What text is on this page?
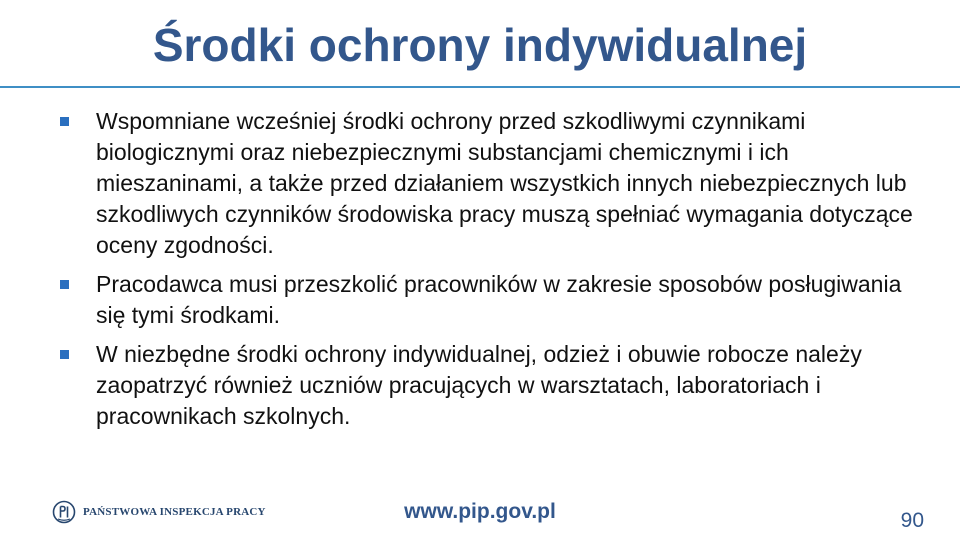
Środki ochrony indywidualnej
Wspomniane wcześniej środki ochrony przed szkodliwymi czynnikami biologicznymi oraz niebezpiecznymi substancjami chemicznymi i ich mieszaninami, a także przed działaniem wszystkich innych niebezpiecznych lub szkodliwych czynników środowiska pracy muszą spełniać wymagania dotyczące oceny zgodności.
Pracodawca musi przeszkolić pracowników w zakresie sposobów posługiwania się tymi środkami.
W niezbędne środki ochrony indywidualnej, odzież i obuwie robocze należy zaopatrzyć również uczniów pracujących w warsztatach, laboratoriach i pracownikach szkolnych.
PAŃSTWOWA INSPEKCJA PRACY	www.pip.gov.pl	90
